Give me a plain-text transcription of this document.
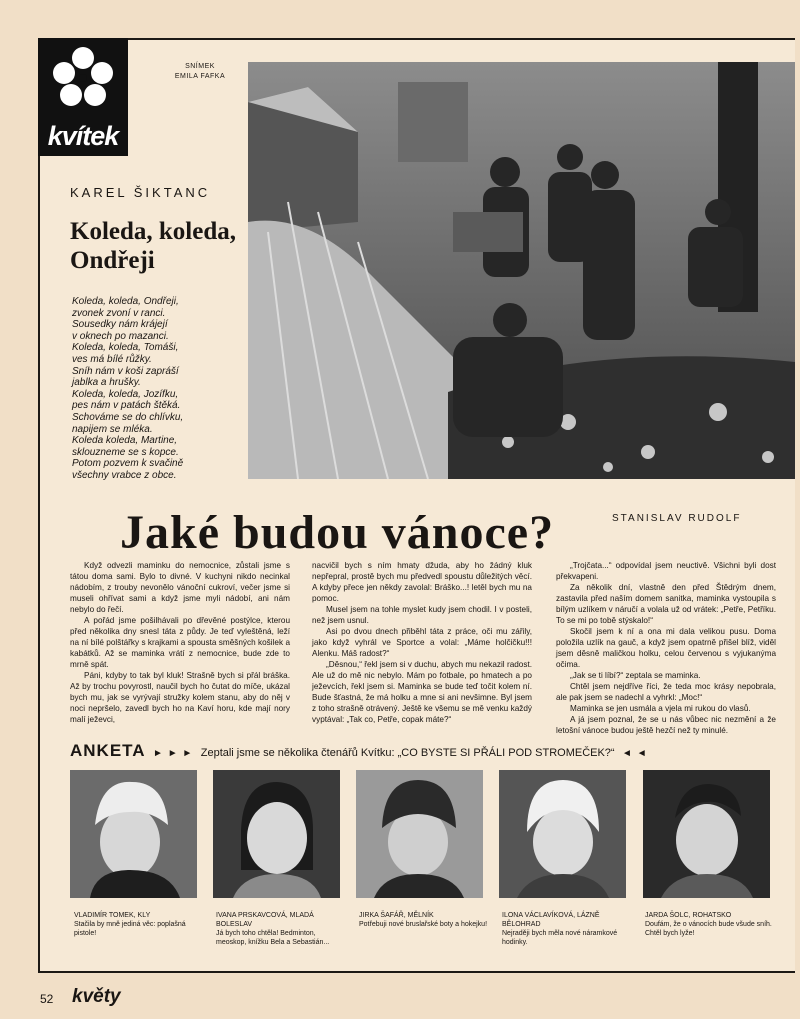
kvítek
SNÍMEK
EMILA FAFKA
KAREL ŠIKTANC
Koleda, koleda,
Ondřeji
Koleda, koleda, Ondřeji,
zvonek zvoní v ranci.
Sousedky nám krájejí
v oknech po mazanci.
Koleda, koleda, Tomáši,
ves má bílé růžky.
Sníh nám v koši zapráší
jablka a hrušky.
Koleda, koleda, Jozífku,
pes nám v patách štěká.
Schováme se do chlívku,
napijem se mléka.
Koleda koleda, Martine,
sklouzneme se s kopce.
Potom pozvem k svačině
všechny vrabce z obce.
Jaké budou vánoce?	STANISLAV RUDOLF

Když odvezli maminku do nemocnice, zůstali jsme s tátou doma sami. Bylo to divné. V kuchyni nikdo necinkal nádobím, z trouby nevonělo vánoční cukroví, večer jsme si museli ohřívat sami a když jsme myli nádobí, ani nám nebylo do řečí.

A pořád jsme pošilhávali po dřevěné postýlce, kterou před několika dny snesl táta z půdy. Je teď vyleštěná, leží na ní bílé polštářky s krajkami a spousta směšných košilek a kabátků. Až se maminka vrátí z nemocnice, bude zde to mrně spát.

Páni, kdyby to tak byl kluk! Strašně bych si přál bráška. Až by trochu povyrostl, naučil bych ho čutat do míče, ukázal bych mu, jak se vyrývají stružky kolem stanu, aby do něj v noci nepršelo, zavedl bych ho na Kaví horu, kde mají nory malí ježevci,

nacvičil bych s ním hmaty džuda, aby ho žádný kluk nepřepral, prostě bych mu předvedl spoustu důležitých věcí. A kdyby přece jen někdy zavolal: Bráško...! letěl bych mu na pomoc.

Musel jsem na tohle myslet kudy jsem chodil. I v posteli, než jsem usnul.

Asi po dvou dnech přiběhl táta z práce, oči mu zářily, jako když vyhrál ve Sportce a volal: „Máme holčičku!!! Alenku. Máš radost?“

„Děsnou,“ řekl jsem si v duchu, abych mu nekazil radost. Ale už do mě nic nebylo. Mám po fotbale, po hmatech a po ježevcích, řekl jsem si. Maminka se bude teď točit kolem ní. Bude šťastná, že má holku a mne si ani nevšimne. Byl jsem z toho strašně otrávený. Ještě ke všemu se mě venku každý vyptával: „Tak co, Petře, copak máte?“

„Trojčata...“ odpovídal jsem neuctivě. Všichni byli dost překvapeni.

Za několik dní, vlastně den před Štědrým dnem, zastavila před naším domem sanitka, maminka vystoupila s bílým uzlíkem v náručí a volala už od vrátek: „Petře, Petříku. To se mi po tobě stýskalo!“

Skočil jsem k ní a ona mi dala velikou pusu. Doma položila uzlík na gauč, a když jsem opatrně přišel blíž, viděl jsem děsně maličkou holku, celou červenou s vyjukanýma očima.

„Jak se ti líbí?“ zeptala se maminka.

Chtěl jsem nejdříve říci, že teda moc krásy nepobrala, ale pak jsem se nadechl a vyhrkl: „Moc!“

Maminka se jen usmála a vjela mi rukou do vlasů.

A já jsem poznal, že se u nás vůbec nic nezmění a že letošní vánoce budou ještě hezčí než ty minulé.

ANKETA ► ► ► Zeptali jsme se několika čtenářů Kvítku: „CO BYSTE SI PŘÁLI POD STROMEČEK?“ ◄ ◄
VLADIMÍR TOMEK, KLY
Stačila by mně jediná věc: poplašná pistole!
IVANA PRSKAVCOVÁ, MLADÁ BOLESLAV
Já bych toho chtěla! Bedminton, meoskop, knížku Bela a Sebastián...
JIRKA ŠAFÁŘ, MĚLNÍK
Potřebuji nové bruslařské boty a hokejku!
ILONA VÁCLAVÍKOVÁ, LÁZNĚ BĚLOHRAD
Nejraději bych měla nové náramkové hodinky.
JARDA ŠOLC, ROHATSKO
Doufám, že o vánocích bude všude sníh. Chtěl bych lyže!
52 květy
